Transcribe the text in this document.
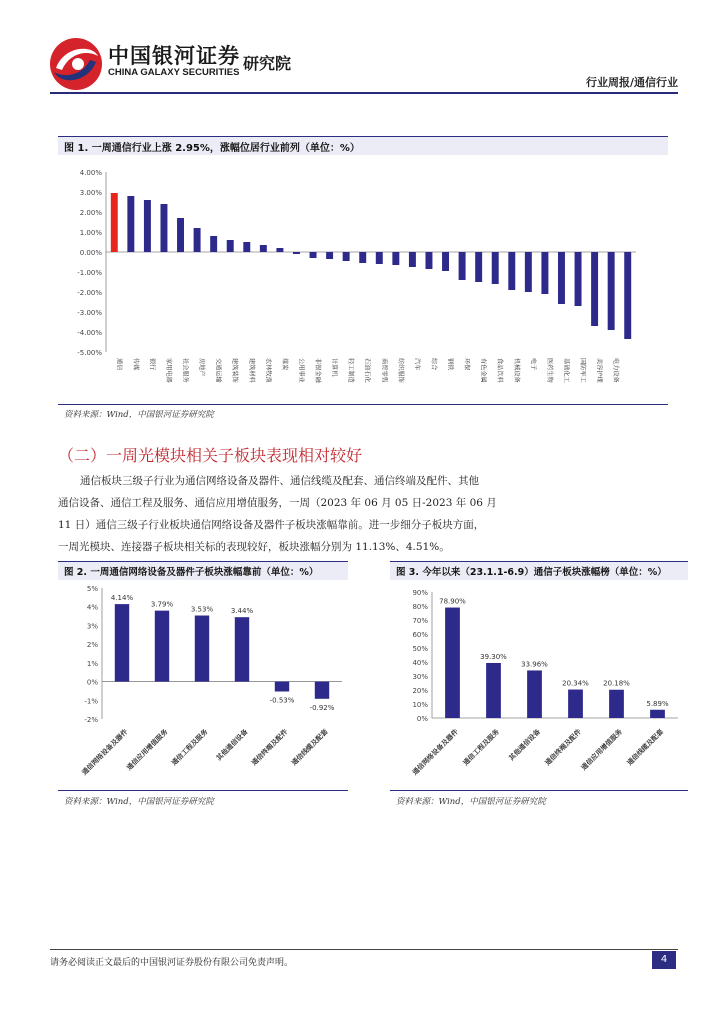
中国银河证券
CHINA GALAXY SECURITIES 研究院
行业周报/通信行业
图 1. 一周通信行业上涨 2.95%，涨幅位居行业前列（单位：%）
4.00%
3.00%
2.00%
1.00%
0.00%
-1.00%
-2.00%
-3.00%
-4.00%
-5.00%
通信 传媒 银行 家用电器 社会服务 房地产 交通运输 建筑装饰 建筑材料 农林牧渔 煤炭 公用事业 非银金融 计算机 轻工制造 石油石化 商贸零售 纺织服饰 汽车 综合 钢铁 环保 有色金属 食品饮料 机械设备 电子 医药生物 基础化工 国防军工 美容护理 电力设备
资料来源：Wind，中国银河证券研究院
（二）一周光模块相关子板块表现相对较好
通信板块三级子行业为通信网络设备及器件、通信线缆及配套、通信终端及配件、其他
通信设备、通信工程及服务、通信应用增值服务，一周（2023 年 06 月 05 日-2023 年 06 月
11 日）通信三级子行业板块通信网络设备及器件子板块涨幅靠前。进一步细分子板块方面，
一周光模块、连接器子板块相关标的表现较好，板块涨幅分别为 11.13%、4.51%。
图 2. 一周通信网络设备及器件子板块涨幅靠前（单位：%）
5%
4%
3%
2%
1%
0%
-1%
-2%
4.14%
3.79%
3.53%	3.44%
-0.53%
-0.92%
通信网络设备及器件
通信应用增值服务 通信工程及服务 其他通信设备 通信终端及配件 通信线缆及配套
资料来源：Wind，中国银河证券研究院
图 3. 今年以来（23.1.1-6.9）通信子板块涨幅榜（单位：%）
90%
80%
70%
60%
50%
40%
30%
20%
10%
0%
78.90%
39.30%
33.96%
20.34% 20.18%
5.89%
通信网络设备及器件 通信工程及服务 其他通信设备 通信终端及配件
通信应用增值服务 通信线缆及配套
资料来源：Wind，中国银河证券研究院
请务必阅读正文最后的中国银河证券股份有限公司免责声明。	4
